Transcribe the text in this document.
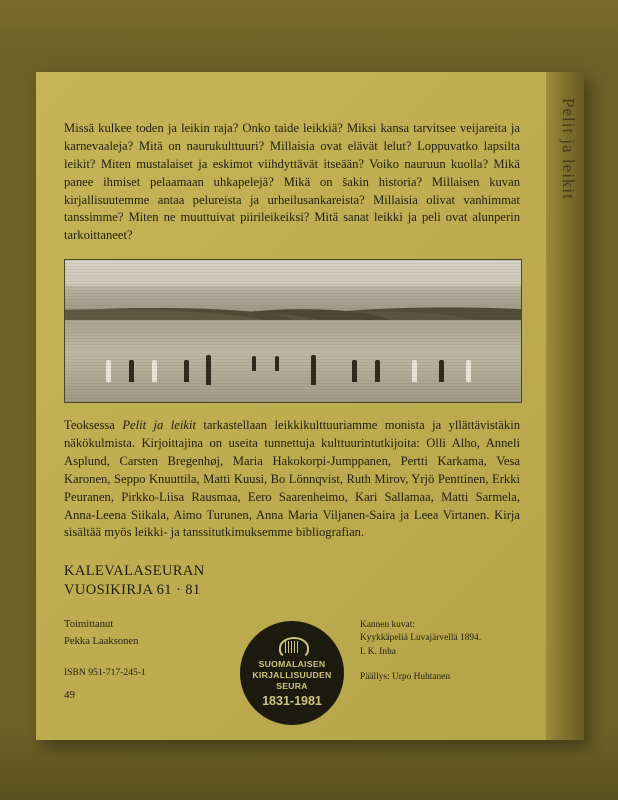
Pelit ja leikit

Missä kulkee toden ja leikin raja? Onko taide leikkiä? Miksi kansa tarvitsee veijareita ja karnevaaleja? Mitä on naurukulttuuri? Millaisia ovat elävät lelut? Loppuvatko lapsilta leikit? Miten mustalaiset ja eskimot viihdyttävät itseään? Voiko nauruun kuolla? Mikä panee ihmiset pelaamaan uhkapelejä? Mikä on šakin historia? Millaisen kuvan kirjallisuutemme antaa pelureista ja urheilusankareista? Millaisia olivat vanhimmat tanssimme? Miten ne muuttuivat piirileikeiksi? Mitä sanat leikki ja peli ovat alunperin tarkoittaneet?

Teoksessa Pelit ja leikit tarkastellaan leikkikulttuuriamme monista ja yllättävistäkin näkökulmista. Kirjoittajina on useita tunnettuja kulttuurintutkijoita: Olli Alho, Anneli Asplund, Carsten Bregenhøj, Maria Hakokorpi-Jumppanen, Pertti Karkama, Vesa Karonen, Seppo Knuuttila, Matti Kuusi, Bo Lönnqvist, Ruth Mirov, Yrjö Penttinen, Erkki Peuranen, Pirkko-Liisa Rausmaa, Eero Saarenheimo, Kari Sallamaa, Matti Sarmela, Anna-Leena Siikala, Aimo Turunen, Anna Maria Viljanen-Saira ja Leea Virtanen. Kirja sisältää myös leikki- ja tanssitutkimuksemme bibliografian.
KALEVALASEURAN
VUOSIKIRJA 61 · 81
Toimittanut
Pekka Laaksonen
ISBN 951-717-245-1
49
SUOMALAISEN
KIRJALLISUUDEN
SEURA
1831-1981
Kannen kuvat:
Kyykkäpeliä Luvajärvellä 1894.
I. K. Inha
Päällys: Urpo Huhtanen
